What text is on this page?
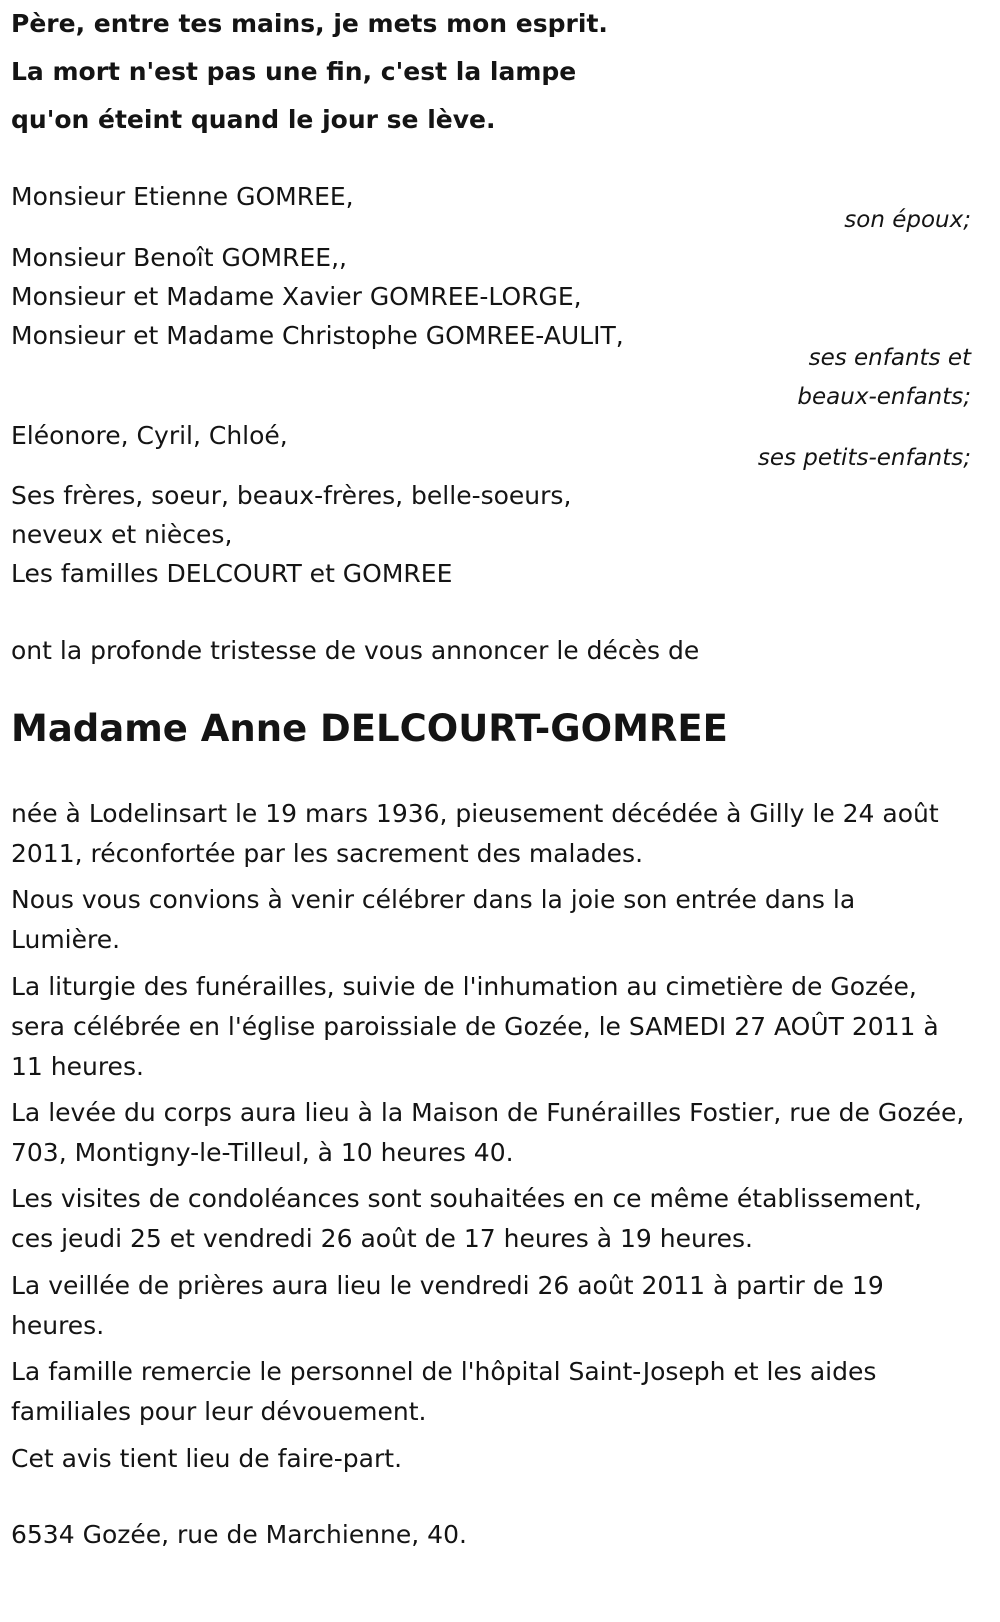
Père, entre tes mains, je mets mon esprit.
La mort n'est pas une fin, c'est la lampe
qu'on éteint quand le jour se lève.
Monsieur Etienne GOMREE,
son époux;
Monsieur Benoît GOMREE,,
Monsieur et Madame Xavier GOMREE-LORGE,
Monsieur et Madame Christophe GOMREE-AULIT,
ses enfants et
beaux-enfants;
Eléonore, Cyril, Chloé,
ses petits-enfants;
Ses frères, soeur, beaux-frères, belle-soeurs,
neveux et nièces,
Les familles DELCOURT et GOMREE
ont la profonde tristesse de vous annoncer le décès de
Madame Anne DELCOURT-GOMREE
née à Lodelinsart le 19 mars 1936, pieusement décédée à Gilly le 24 août 2011, réconfortée par les sacrement des malades.
Nous vous convions à venir célébrer dans la joie son entrée dans la Lumière.
La liturgie des funérailles, suivie de l'inhumation au cimetière de Gozée, sera célébrée en l'église paroissiale de Gozée, le SAMEDI 27 AOÛT 2011 à 11 heures.
La levée du corps aura lieu à la Maison de Funérailles Fostier, rue de Gozée, 703, Montigny-le-Tilleul, à 10 heures 40.
Les visites de condoléances sont souhaitées en ce même établissement, ces jeudi 25 et vendredi 26 août de 17 heures à 19 heures.
La veillée de prières aura lieu le vendredi 26 août 2011 à partir de 19 heures.
La famille remercie le personnel de l'hôpital Saint-Joseph et les aides familiales pour leur dévouement.
Cet avis tient lieu de faire-part.
6534 Gozée, rue de Marchienne, 40.
